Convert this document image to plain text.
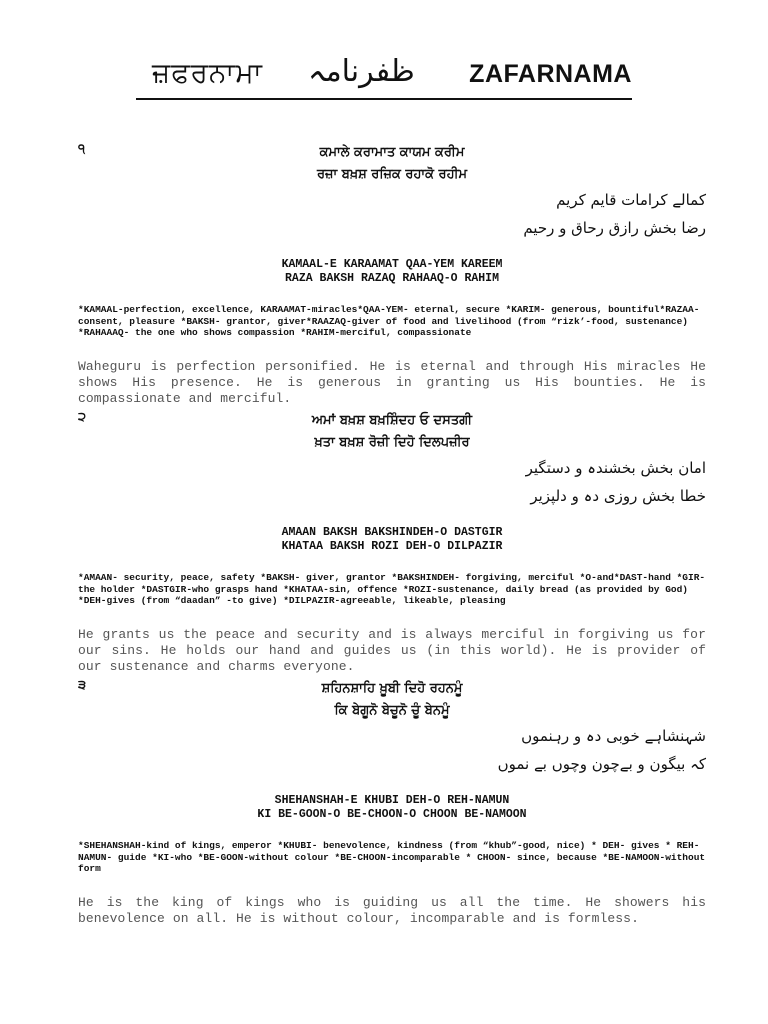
ਜ਼ਫਰਨਾਮਾ ظفرنامہ ZAFARNAMA
੧	ਕਮਾਲੇ ਕਰਾਮਾਤ ਕਾਯਮ ਕਰੀਮ
ਰਜ਼ਾ ਬਖ਼ਸ਼ ਰਜ਼ਿਕ ਰਹਾਕੋ ਰਹੀਮ
کمالے کرامات قایم کریم
رضا بخش رازق رحاق و رحیم
KAMAAL-E KARAAMAT QAA-YEM KAREEM
RAZA BAKSH RAZAQ RAHAAQ-O RAHIM
*KAMAAL-perfection, excellence, KARAAMAT-miracles*QAA-YEM- eternal, secure *KARIM- generous, bountiful*RAZAA-consent, pleasure *BAKSH- grantor, giver*RAAZAQ-giver of food and livelihood (from “rizk’-food, sustenance) *RAHAAAQ- the one who shows compassion *RAHIM-merciful, compassionate
Waheguru is perfection personified. He is eternal and through His miracles He shows His presence. He is generous in granting us His bounties. He is compassionate and merciful.
੨	ਅਮਾਂ ਬਖ਼ਸ਼ ਬਖ਼ਸ਼ਿੰਦਹ ਓ ਦਸਤਗੀ
ਖ਼ਤਾ ਬਖ਼ਸ਼ ਰੋਜ਼ੀ ਦਿਹੋ ਦਿਲਪਜ਼ੀਰ
امان بخش بخشندہ و دستگیر
خطا بخش روزی دہ و دلپزیر
AMAAN BAKSH BAKSHINDEH-O DASTGIR
KHATAA BAKSH ROZI DEH-O DILPAZIR
*AMAAN- security, peace, safety *BAKSH- giver, grantor *BAKSHINDEH- forgiving, merciful *O-and*DAST-hand *GIR- the holder *DASTGIR-who grasps hand *KHATAA-sin, offence *ROZI-sustenance, daily bread (as provided by God) *DEH-gives (from “daadan” -to give) *DILPAZIR-agreeable, likeable, pleasing
He grants us the peace and security and is always merciful in forgiving us for our sins. He holds our hand and guides us (in this world). He is provider of our sustenance and charms everyone.
੩	ਸ਼ਹਿਨਸ਼ਾਹਿ ਖ਼ੂਬੀ ਦਿਹੋ ਰਹਨਮੂੰ
ਕਿ ਬੇਗੂਨੋ ਬੇਚੂਨੋ ਚੂੰ ਬੇਨਮੂੰ
شہنشاہے خوبی دہ و رہنموں
کہ بیگون و بےچون وچوں بے نموں
SHEHANSHAH-E KHUBI DEH-O REH-NAMUN
KI BE-GOON-O BE-CHOON-O CHOON BE-NAMOON
*SHEHANSHAH-kind of kings, emperor *KHUBI- benevolence, kindness (from “khub”-good, nice) * DEH- gives * REH-NAMUN- guide *KI-who *BE-GOON-without colour *BE-CHOON-incomparable * CHOON- since, because *BE-NAMOON-without form
He is the king of kings who is guiding us all the time. He showers his benevolence on all. He is without colour, incomparable and is formless.
